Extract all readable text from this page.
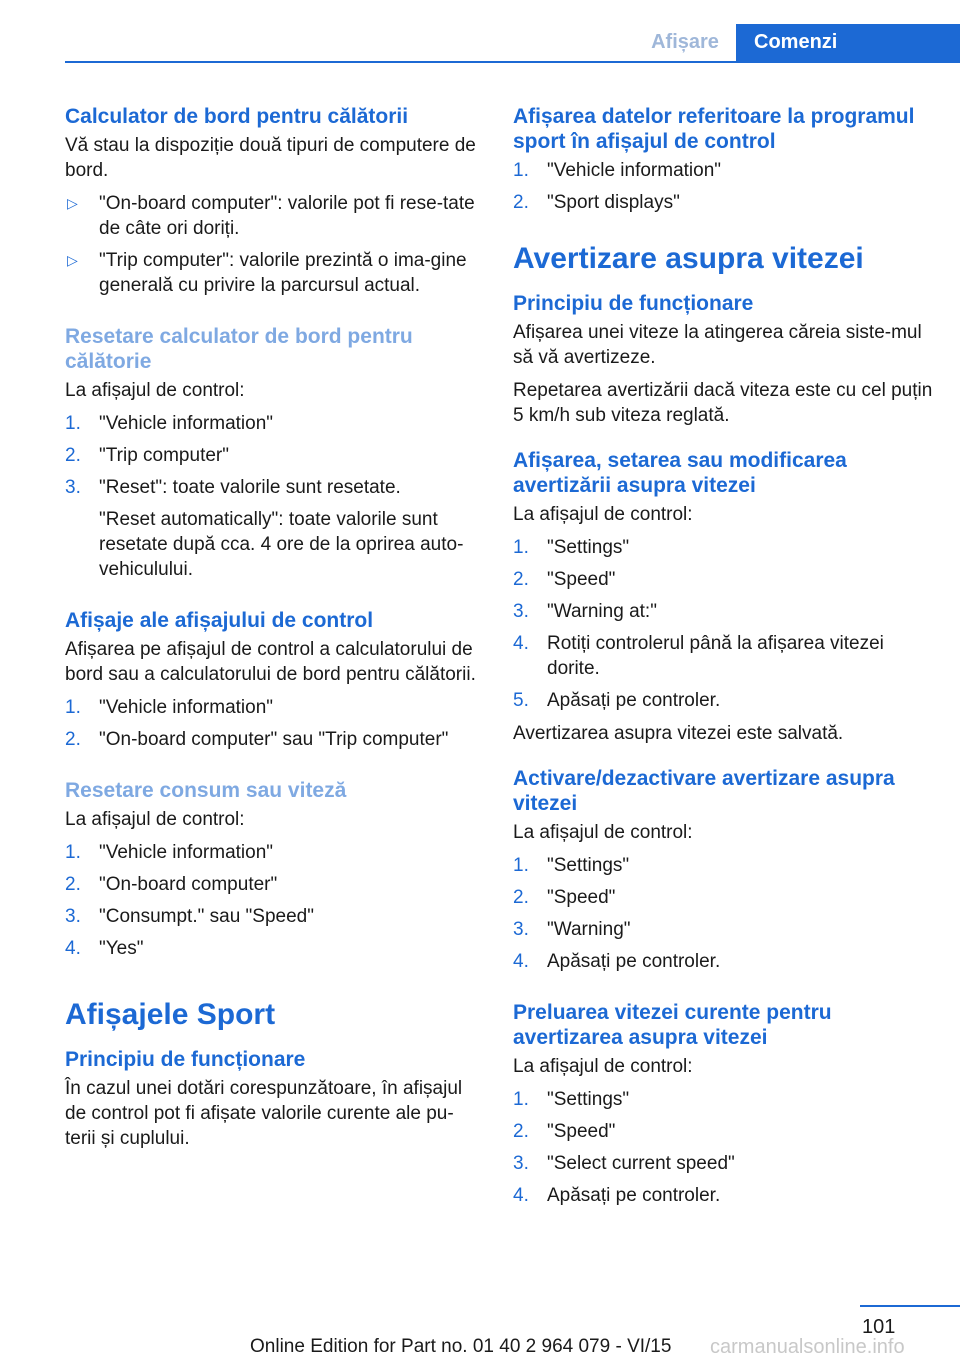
Afișare	Comenzi
Calculator de bord pentru călătorii
Vă stau la dispoziție două tipuri de computere de bord.
▷ "On-board computer": valorile pot fi rese-tate de câte ori doriți.
▷ "Trip computer": valorile prezintă o ima-gine generală cu privire la parcursul actual.
Resetare calculator de bord pentru călătorie
La afișajul de control:
1. "Vehicle information"
2. "Trip computer"
3. "Reset": toate valorile sunt resetate.
"Reset automatically": toate valorile sunt resetate după cca. 4 ore de la oprirea auto-vehiculului.
Afișaje ale afișajului de control
Afișarea pe afișajul de control a calculatorului de bord sau a calculatorului de bord pentru călătorii.
1. "Vehicle information"
2. "On-board computer" sau "Trip computer"
Resetare consum sau viteză
La afișajul de control:
1. "Vehicle information"
2. "On-board computer"
3. "Consumpt." sau "Speed"
4. "Yes"
Afișajele Sport
Principiu de funcționare
În cazul unei dotări corespunzătoare, în afișajul de control pot fi afișate valorile curente ale pu-terii și cuplului.
Afișarea datelor referitoare la programul sport în afișajul de control
1. "Vehicle information"
2. "Sport displays"
Avertizare asupra vitezei
Principiu de funcționare
Afișarea unei viteze la atingerea căreia siste-mul să vă avertizeze.
Repetarea avertizării dacă viteza este cu cel puțin 5 km/h sub viteza reglată.
Afișarea, setarea sau modificarea avertizării asupra vitezei
La afișajul de control:
1. "Settings"
2. "Speed"
3. "Warning at:"
4. Rotiți controlerul până la afișarea vitezei dorite.
5. Apăsați pe controler.
Avertizarea asupra vitezei este salvată.
Activare/dezactivare avertizare asupra vitezei
La afișajul de control:
1. "Settings"
2. "Speed"
3. "Warning"
4. Apăsați pe controler.
Preluarea vitezei curente pentru avertizarea asupra vitezei
La afișajul de control:
1. "Settings"
2. "Speed"
3. "Select current speed"
4. Apăsați pe controler.
101
Online Edition for Part no. 01 40 2 964 079 - VI/15 carmanualsonline.info
